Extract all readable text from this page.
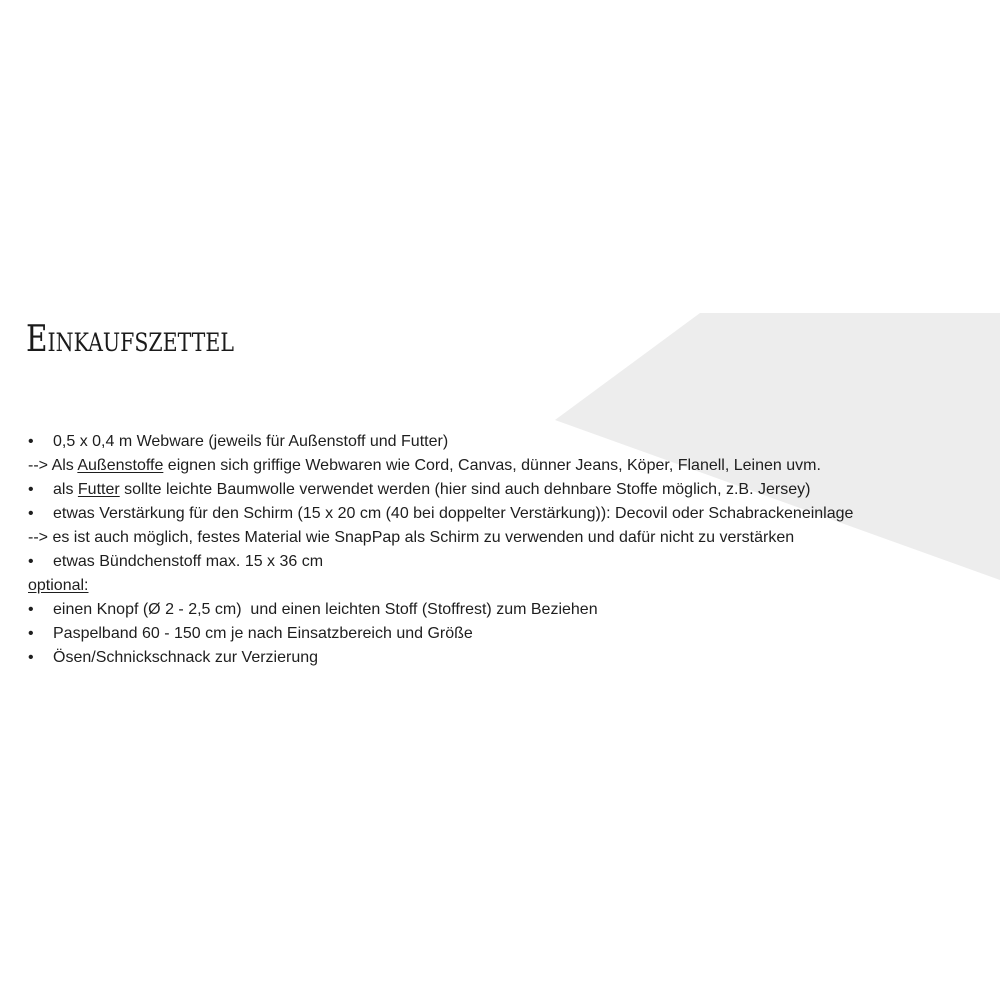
Einkaufszettel
•	0,5 x 0,4 m Webware (jeweils für Außenstoff und Futter)
--> Als Außenstoffe eignen sich griffige Webwaren wie Cord, Canvas, dünner Jeans, Köper, Flanell, Leinen uvm.
•	als Futter sollte leichte Baumwolle verwendet werden (hier sind auch dehnbare Stoffe möglich, z.B. Jersey)
•	etwas Verstärkung für den Schirm (15 x 20 cm (40 bei doppelter Verstärkung)): Decovil oder Schabrackeneinlage
--> es ist auch möglich, festes Material wie SnapPap als Schirm zu verwenden und dafür nicht zu verstärken
•	etwas Bündchenstoff max. 15 x 36 cm
optional:
•	einen Knopf (Ø 2 - 2,5 cm)  und einen leichten Stoff (Stoffrest) zum Beziehen
•	Paspelband 60 - 150 cm je nach Einsatzbereich und Größe
•	Ösen/Schnickschnack zur Verzierung
